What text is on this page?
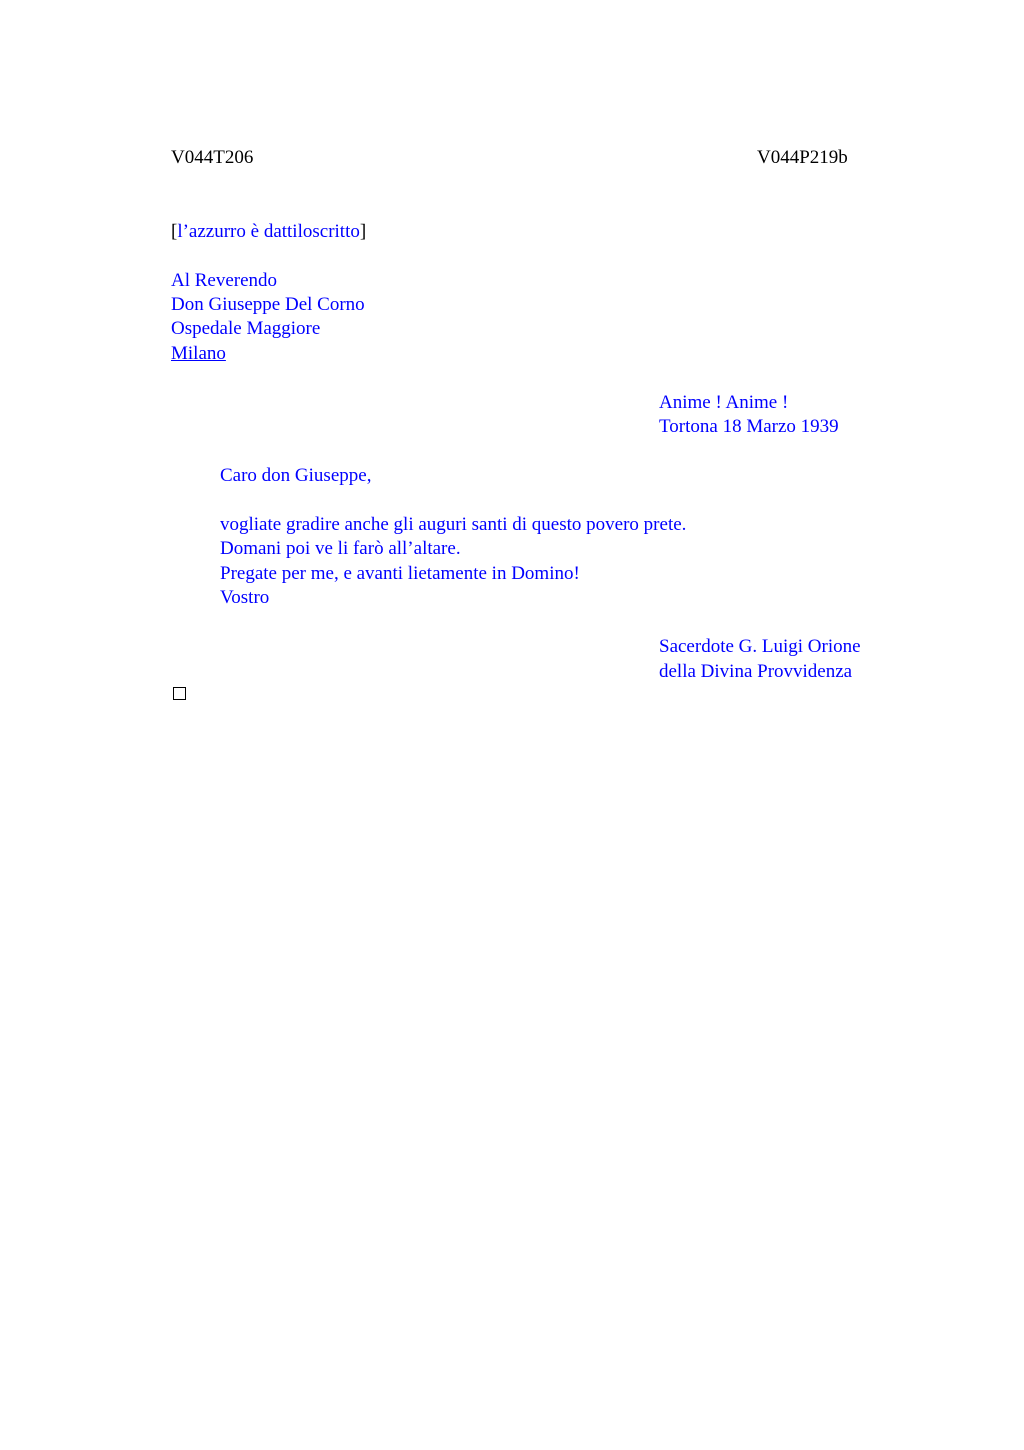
V044T206	V044P219b
[l’azzurro è dattiloscritto]
Al Reverendo
Don Giuseppe Del Corno
Ospedale Maggiore
Milano
Anime ! Anime !
Tortona 18 Marzo 1939
Caro don Giuseppe,
vogliate gradire anche gli auguri santi di questo povero prete.
Domani poi ve li farò all’altare.
Pregate per me, e avanti lietamente in Domino!
Vostro
Sacerdote G. Luigi Orione
della Divina Provvidenza
